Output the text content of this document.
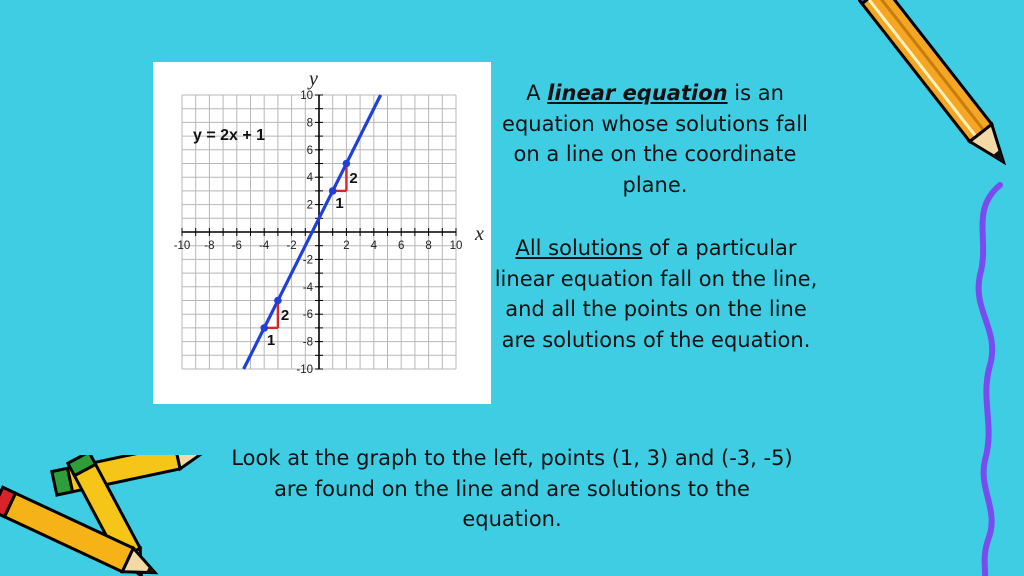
-10 -8 -6 -4 -2	2 4 6 8 10
10
8
6
4
2
-2
-4
-6
-8
-10
y
x
y = 2x + 1
1
2
1
2
A linear equation is an equation whose solutions fall on a line on the coordinate plane.
All solutions of a particular linear equation fall on the line, and all the points on the line are solutions of the equation.
Look at the graph to the left, points (1, 3) and (-3, -5) are found on the line and are solutions to the equation.
